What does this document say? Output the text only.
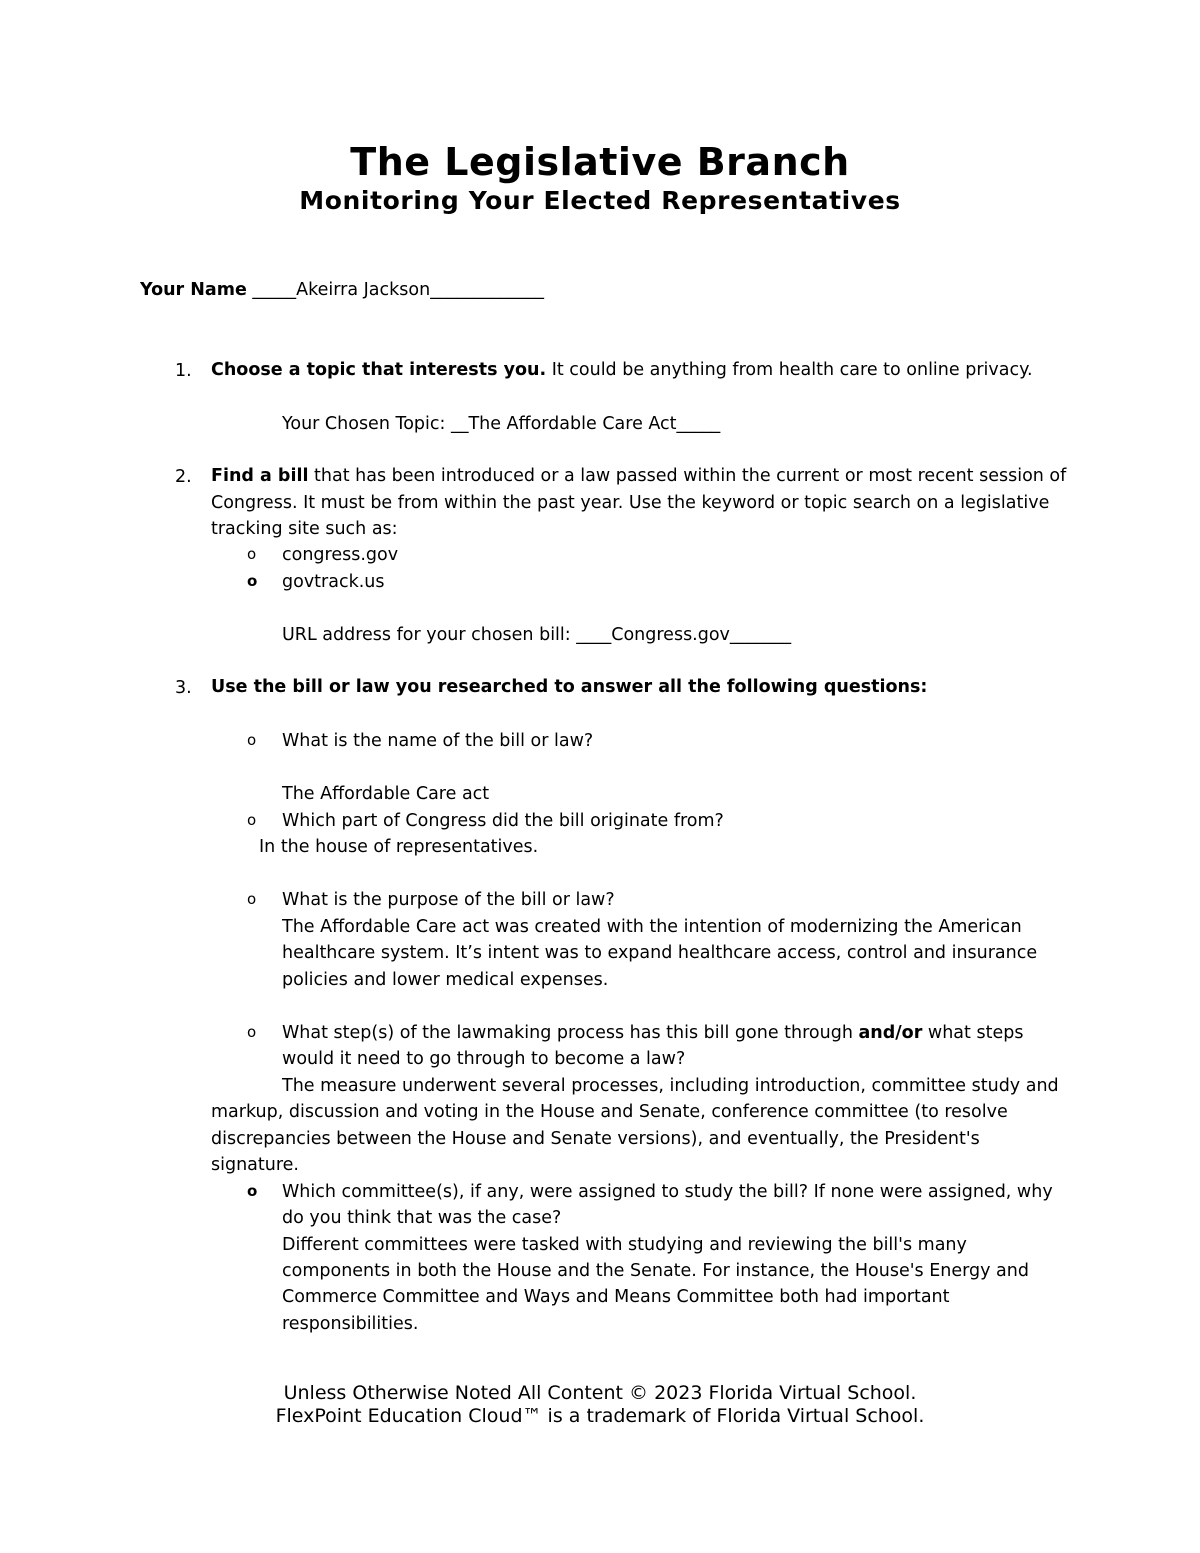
The Legislative Branch
Monitoring Your Elected Representatives
Your Name _____Akeirra Jackson_____________
1. Choose a topic that interests you. It could be anything from health care to online privacy.
Your Chosen Topic: __The Affordable Care Act_____
2. Find a bill that has been introduced or a law passed within the current or most recent session of
Congress. It must be from within the past year. Use the keyword or topic search on a legislative
tracking site such as:
o congress.gov
o govtrack.us
URL address for your chosen bill: ____Congress.gov_______
3. Use the bill or law you researched to answer all the following questions:
o What is the name of the bill or law?
The Affordable Care act
o Which part of Congress did the bill originate from?
In the house of representatives.
o What is the purpose of the bill or law?
The Affordable Care act was created with the intention of modernizing the American
healthcare system. It’s intent was to expand healthcare access, control and insurance
policies and lower medical expenses.
o What step(s) of the lawmaking process has this bill gone through and/or what steps
would it need to go through to become a law?
The measure underwent several processes, including introduction, committee study and
markup, discussion and voting in the House and Senate, conference committee (to resolve
discrepancies between the House and Senate versions), and eventually, the President's
signature.
o Which committee(s), if any, were assigned to study the bill? If none were assigned, why
do you think that was the case?
Different committees were tasked with studying and reviewing the bill's many
components in both the House and the Senate. For instance, the House's Energy and
Commerce Committee and Ways and Means Committee both had important
responsibilities.
Unless Otherwise Noted All Content © 2023 Florida Virtual School.
FlexPoint Education Cloud™ is a trademark of Florida Virtual School.
